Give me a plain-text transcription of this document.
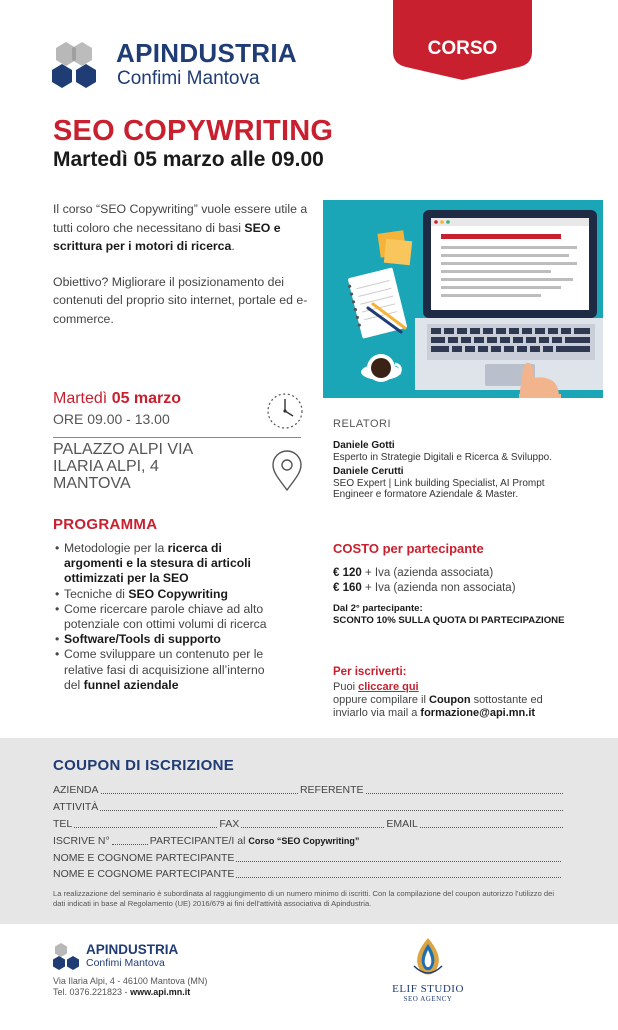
APINDUSTRIA
Confimi Mantova
CORSO
SEO COPYWRITING
Martedì 05 marzo alle 09.00

Il corso “SEO Copywriting” vuole essere utile a tutti coloro che necessitano di basi SEO e scrittura per i motori di ricerca.

Obiettivo? Migliorare il posizionamento dei contenuti del proprio sito internet, portale ed e-commerce.

Martedì 05 marzo
ORE 09.00 - 13.00
PALAZZO ALPI VIA
ILARIA ALPI, 4
MANTOVA
RELATORI
Daniele Gotti
Esperto in Strategie Digitali e Ricerca & Sviluppo.
Daniele Cerutti
SEO Expert | Link building Specialist, AI Prompt
Engineer e formatore Aziendale & Master.
PROGRAMMA
• Metodologie per la ricerca di argomenti e la stesura di articoli ottimizzati per la SEO
• Tecniche di SEO Copywriting
• Come ricercare parole chiave ad alto potenziale con ottimi volumi di ricerca
• Software/Tools di supporto
• Come sviluppare un contenuto per le relative fasi di acquisizione all’interno del funnel aziendale
COSTO per partecipante
€ 120 + Iva (azienda associata)
€ 160 + Iva (azienda non associata)
Dal 2° partecipante:
SCONTO 10% SULLA QUOTA DI PARTECIPAZIONE
Per iscriverti:
Puoi cliccare qui
oppure compilare il Coupon sottostante ed
inviarlo via mail a formazione@api.mn.it
COUPON DI ISCRIZIONE
AZIENDA	REFERENTE
ATTIVITÀ
TEL	FAX	EMAIL
ISCRIVE N°	PARTECIPANTE/I al Corso “SEO Copywriting”
NOME E COGNOME PARTECIPANTE
NOME E COGNOME PARTECIPANTE
La realizzazione del seminario è subordinata al raggiungimento di un numero minimo di iscritti. Con la compilazione del coupon autorizzo l’utilizzo dei dati indicati in base al Regolamento (UE) 2016/679 ai fini dell’attività associativa di Apindustria.
APINDUSTRIA
Confimi Mantova
Via Ilaria Alpi, 4 - 46100 Mantova (MN)
Tel. 0376.221823 - www.api.mn.it	ELIF STUDIO
SEO AGENCY
